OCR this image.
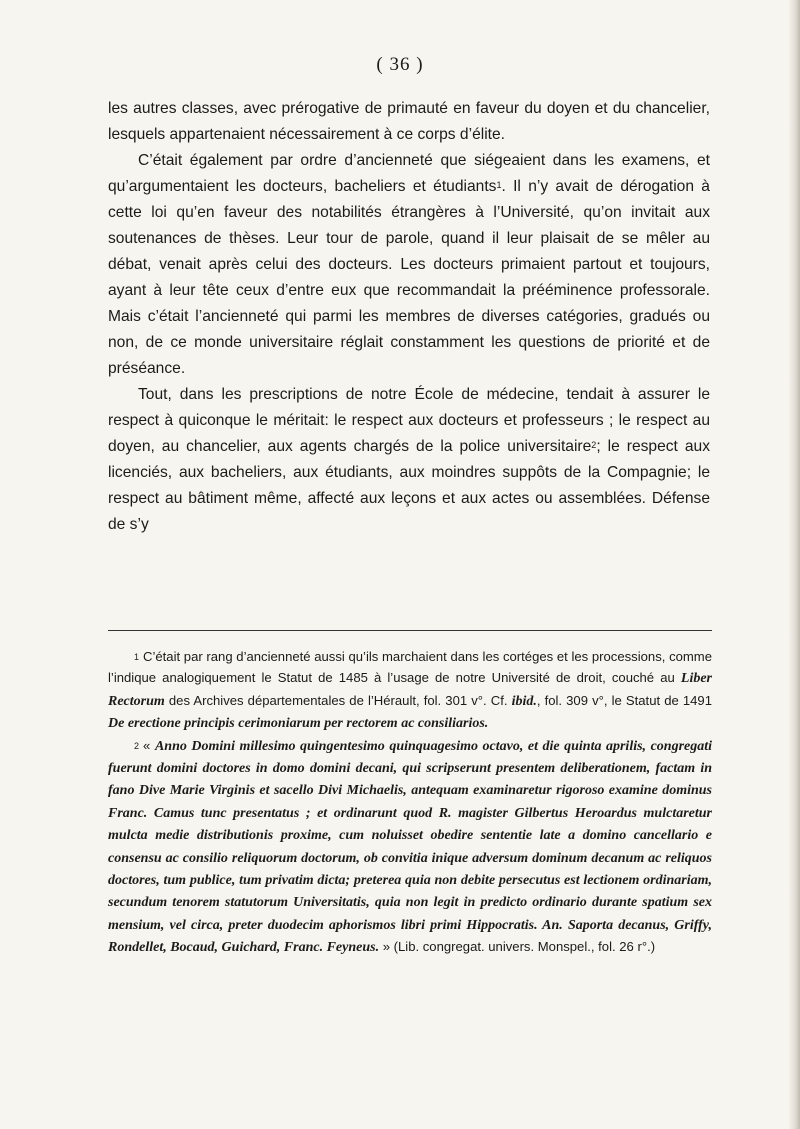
( 36 )

les autres classes, avec prérogative de primauté en faveur du doyen et du chancelier, lesquels appartenaient nécessairement à ce corps d’élite.

C’était également par ordre d’ancienneté que siégeaient dans les examens, et qu’argumentaient les docteurs, bacheliers et étudiants$^1$. Il n’y avait de dérogation à cette loi qu’en faveur des notabilités étrangères à l’Université, qu’on invitait aux soutenances de thèses. Leur tour de parole, quand il leur plaisait de se mêler au débat, venait après celui des docteurs. Les docteurs primaient partout et toujours, ayant à leur tête ceux d’entre eux que recommandait la prééminence professorale. Mais c’était l’ancienneté qui parmi les membres de diverses catégories, gradués ou non, de ce monde universitaire réglait constamment les questions de priorité et de préséance.

Tout, dans les prescriptions de notre École de médecine, tendait à assurer le respect à quiconque le méritait: le respect aux docteurs et professeurs ; le respect au doyen, au chancelier, aux agents chargés de la police universitaire$^2$; le respect aux licenciés, aux bacheliers, aux étudiants, aux moindres suppôts de la Compagnie; le respect au bâtiment même, affecté aux leçons et aux actes ou assemblées. Défense de s’y

$^1$ C’était par rang d’ancienneté aussi qu’ils marchaient dans les cortéges et les processions, comme l’indique analogiquement le Statut de 1485 à l’usage de notre Université de droit, couché au Liber Rectorum des Archives départementales de l’Hérault, fol. 301 v°. Cf. ibid., fol. 309 v°, le Statut de 1491 De erectione principis cerimoniarum per rectorem ac consiliarios.

$^2$ « Anno Domini millesimo quingentesimo quinquagesimo octavo, et die quinta aprilis, congregati fuerunt domini doctores in domo domini decani, qui scripserunt presentem deliberationem, factam in fano Dive Marie Virginis et sacello Divi Michaelis, antequam examinaretur rigoroso examine dominus Franc. Camus tunc presentatus ; et ordinarunt quod R. magister Gilbertus Heroardus mulctaretur mulcta medie distributionis proxime, cum noluisset obedire sententie late a domino cancellario e consensu ac consilio reliquorum doctorum, ob convitia inique adversum dominum decanum ac reliquos doctores, tum publice, tum privatim dicta; preterea quia non debite persecutus est lectionem ordinariam, secundum tenorem statutorum Universitatis, quia non legit in predicto ordinario durante spatium sex mensium, vel circa, preter duodecim aphorismos libri primi Hippocratis. An. Saporta decanus, Griffy, Rondellet, Bocaud, Guichard, Franc. Feyneus. » (Lib. congregat. univers. Monspel., fol. 26 r°.)
